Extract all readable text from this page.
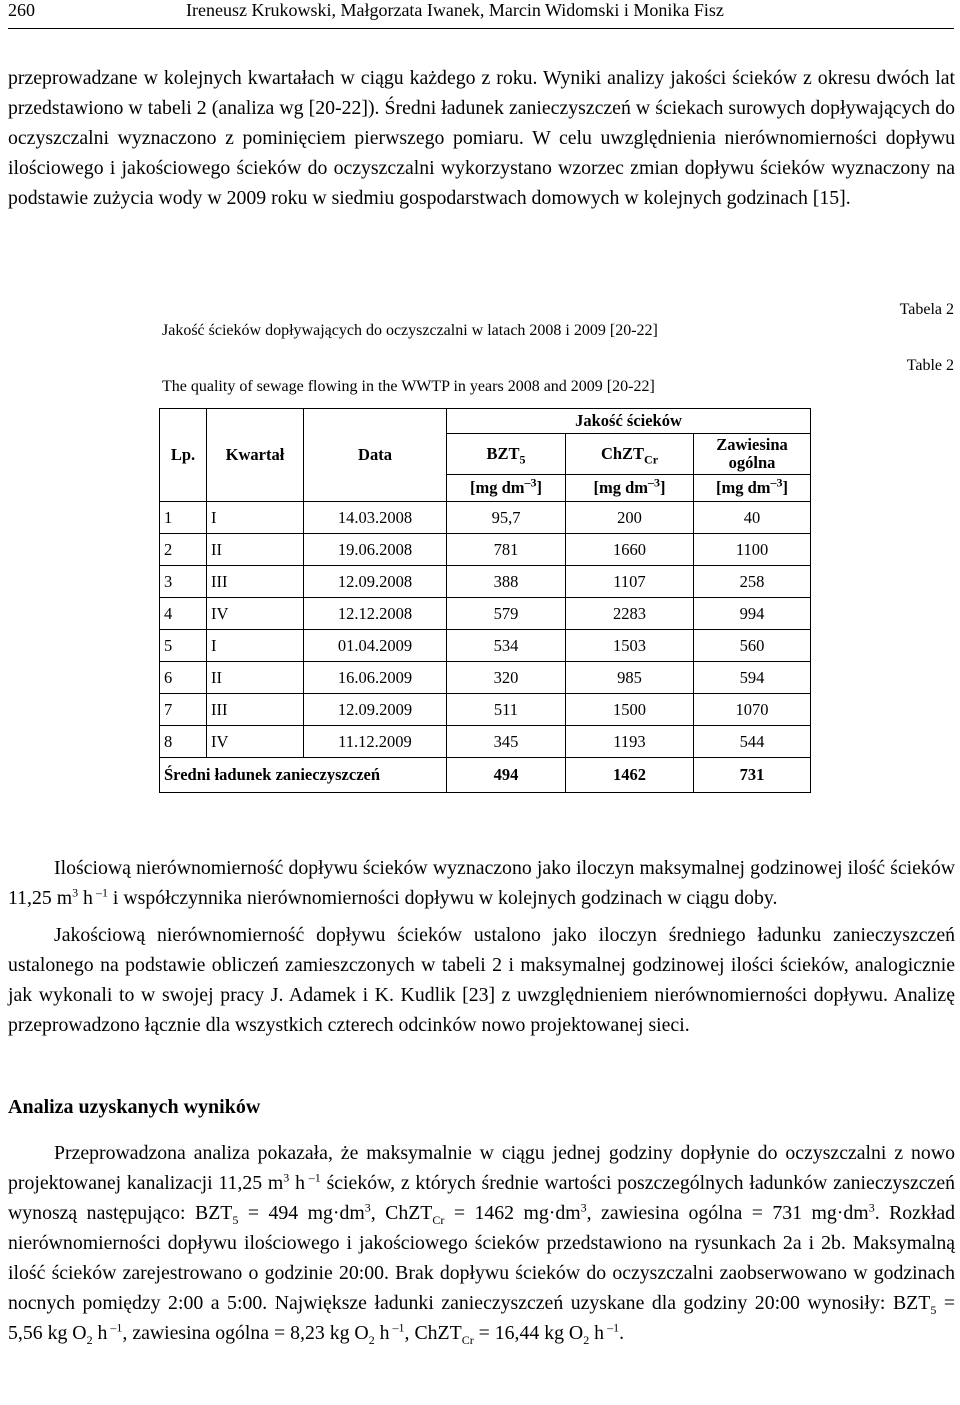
260	Ireneusz Krukowski, Małgorzata Iwanek, Marcin Widomski i Monika Fisz

przeprowadzane w kolejnych kwartałach w ciągu każdego z roku. Wyniki analizy jakości ścieków z okresu dwóch lat przedstawiono w tabeli 2 (analiza wg [20-22]). Średni ładunek zanieczyszczeń w ściekach surowych dopływających do oczyszczalni wyznaczono z pominięciem pierwszego pomiaru. W celu uwzględnienia nierównomierności dopływu ilościowego i jakościowego ścieków do oczyszczalni wykorzystano wzorzec zmian dopływu ścieków wyznaczony na podstawie zużycia wody w 2009 roku w siedmiu gospodarstwach domowych w kolejnych godzinach [15].

Tabela 2
Table 2
Jakość ścieków dopływających do oczyszczalni w latach 2008 i 2009 [20-22]
The quality of sewage flowing in the WWTP in years 2008 and 2009 [20-22]
Lp.	Kwartał	Data	Jakość ścieków		
			$BZT_5$	ChZT$_{Cr}$	Zawiesina ogólna
			[mg $dm^{-3}$]	[mg $dm^{-3}$]	[mg $dm^{-3}$]
1	I	14.03.2008	95,7	200	40
2	II	19.06.2008	781	1660	1100
3	III	12.09.2008	388	1107	258
4	IV	12.12.2008	579	2283	994
5	I	01.04.2009	534	1503	560
6	II	16.06.2009	320	985	594
7	III	12.09.2009	511	1500	1070
8	IV	11.12.2009	345	1193	544
Średni ładunek zanieczyszczeń			494	1462	731

Ilościową nierównomierność dopływu ścieków wyznaczono jako iloczyn maksymalnej godzinowej ilość ścieków 11,25 $m^3$ h $^{-1}$ i współczynnika nierównomierności dopływu w kolejnych godzinach w ciągu doby.

Jakościową nierównomierność dopływu ścieków ustalono jako iloczyn średniego ładunku zanieczyszczeń ustalonego na podstawie obliczeń zamieszczonych w tabeli 2 i maksymalnej godzinowej ilości ścieków, analogicznie jak wykonali to w swojej pracy J. Adamek i K. Kudlik [23] z uwzględnieniem nierównomierności dopływu. Analizę przeprowadzono łącznie dla wszystkich czterech odcinków nowo projektowanej sieci.

Analiza uzyskanych wyników

Przeprowadzona analiza pokazała, że maksymalnie w ciągu jednej godziny dopłynie do oczyszczalni z nowo projektowanej kanalizacji 11,25 $m^3$ h $^{-1}$ ścieków, z których średnie wartości poszczególnych ładunków zanieczyszczeń wynoszą następująco: $BZT_5 = 494$ $mg\cdot dm^3$, ChZT$_{Cr}$ = 1462 $mg\cdot dm^3$, zawiesina ogólna = 731 $mg\cdot dm^3$. Rozkład nierównomierności dopływu ilościowego i jakościowego ścieków przedstawiono na rysunkach 2a i 2b. Maksymalną ilość ścieków zarejestrowano o godzinie 20:00. Brak dopływu ścieków do oczyszczalni zaobserwowano w godzinach nocnych pomiędzy 2:00 a 5:00. Największe ładunki zanieczyszczeń uzyskane dla godziny 20:00 wynosiły: $BZT_5 = 5,56$ kg $O_2$ h $^{-1}$, zawiesina ogólna = 8,23 kg $O_2$ h $^{-1}$, ChZT$_{Cr}$ = 16,44 kg $O_2$ h $^{-1}$.
